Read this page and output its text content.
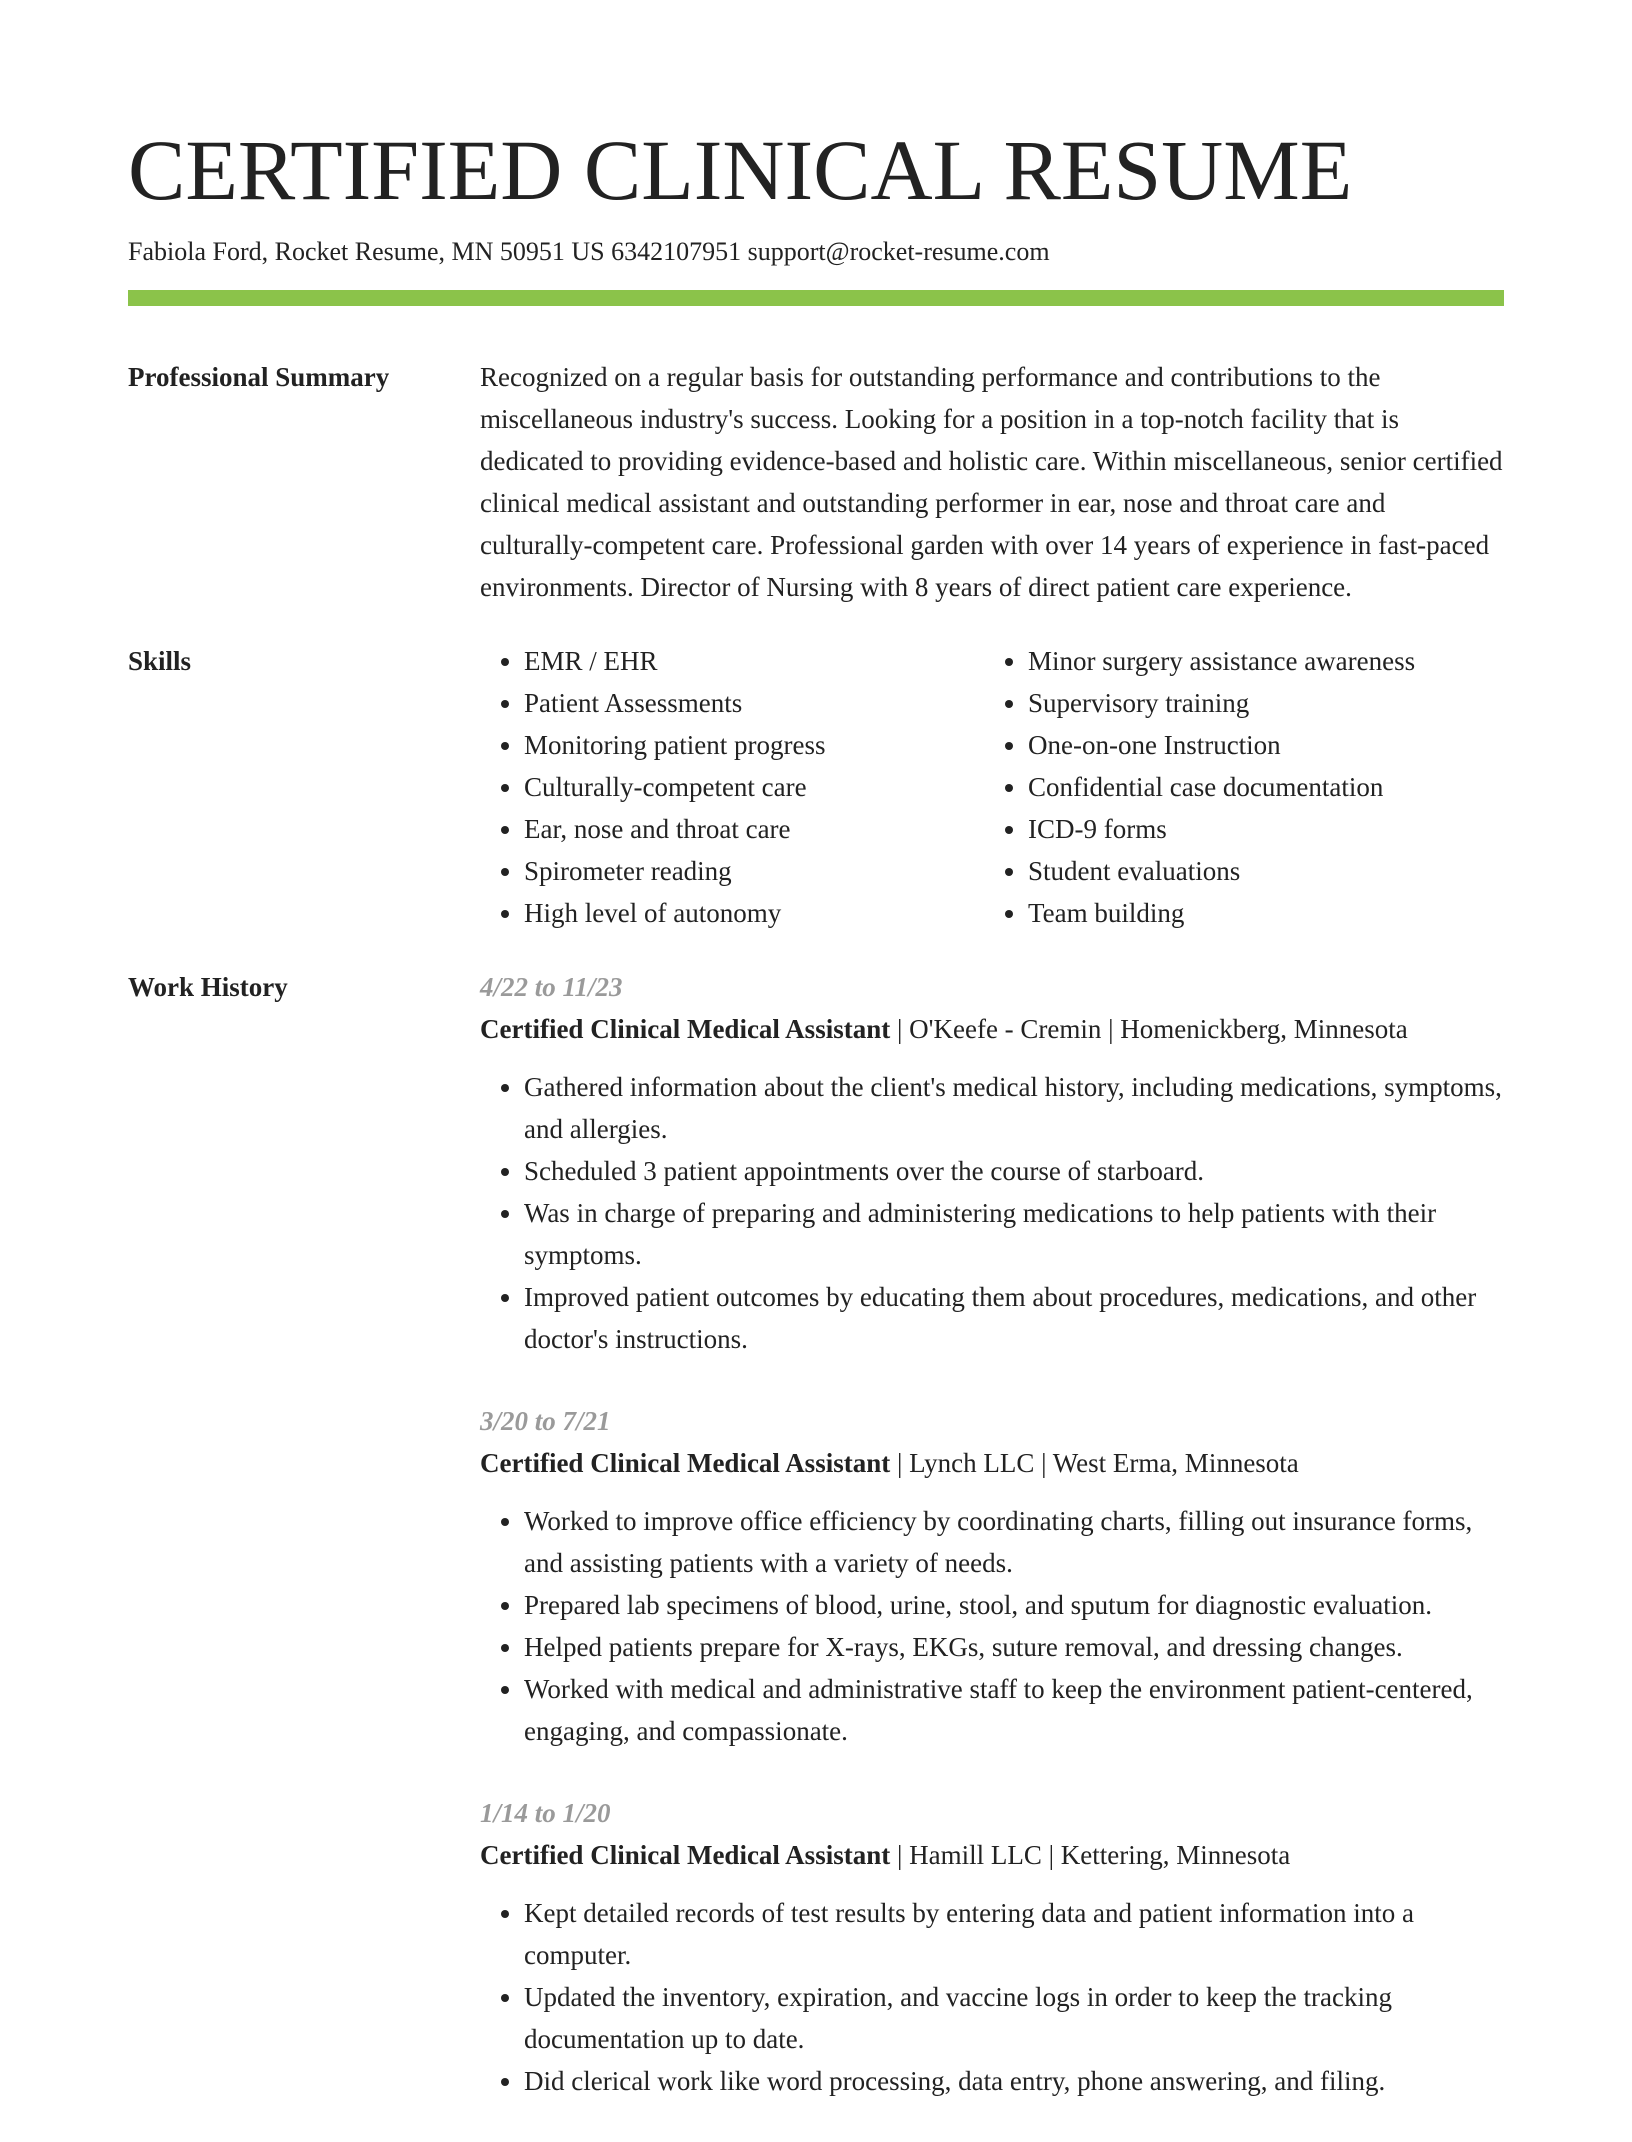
CERTIFIED CLINICAL RESUME
Fabiola Ford, Rocket Resume, MN 50951 US 6342107951 support@rocket-resume.com
Professional Summary	Recognized on a regular basis for outstanding performance and contributions to the miscellaneous industry's success. Looking for a position in a top-notch facility that is dedicated to providing evidence-based and holistic care. Within miscellaneous, senior certified clinical medical assistant and outstanding performer in ear, nose and throat care and culturally-competent care. Professional garden with over 14 years of experience in fast-paced environments. Director of Nursing with 8 years of direct patient care experience.
Skills
•	EMR / EHR
• Patient Assessments
• Monitoring patient progress
• Culturally-competent care
• Ear, nose and throat care
• Spirometer reading
• High level of autonomy
• Minor surgery assistance awareness
• Supervisory training
• One-on-one Instruction
• Confidential case documentation
• ICD-9 forms
• Student evaluations
• Team building
Work History	4/22 to 11/23
Certified Clinical Medical Assistant | O'Keefe - Cremin | Homenickberg, Minnesota
• Gathered information about the client's medical history, including medications, symptoms, and allergies.
• Scheduled 3 patient appointments over the course of starboard.
• Was in charge of preparing and administering medications to help patients with their symptoms.
• Improved patient outcomes by educating them about procedures, medications, and other doctor's instructions.
3/20 to 7/21
Certified Clinical Medical Assistant | Lynch LLC | West Erma, Minnesota
• Worked to improve office efficiency by coordinating charts, filling out insurance forms, and assisting patients with a variety of needs.
• Prepared lab specimens of blood, urine, stool, and sputum for diagnostic evaluation.
• Helped patients prepare for X-rays, EKGs, suture removal, and dressing changes.
• Worked with medical and administrative staff to keep the environment patient-centered, engaging, and compassionate.
1/14 to 1/20
Certified Clinical Medical Assistant | Hamill LLC | Kettering, Minnesota
• Kept detailed records of test results by entering data and patient information into a computer.
• Updated the inventory, expiration, and vaccine logs in order to keep the tracking documentation up to date.
• Did clerical work like word processing, data entry, phone answering, and filing.
